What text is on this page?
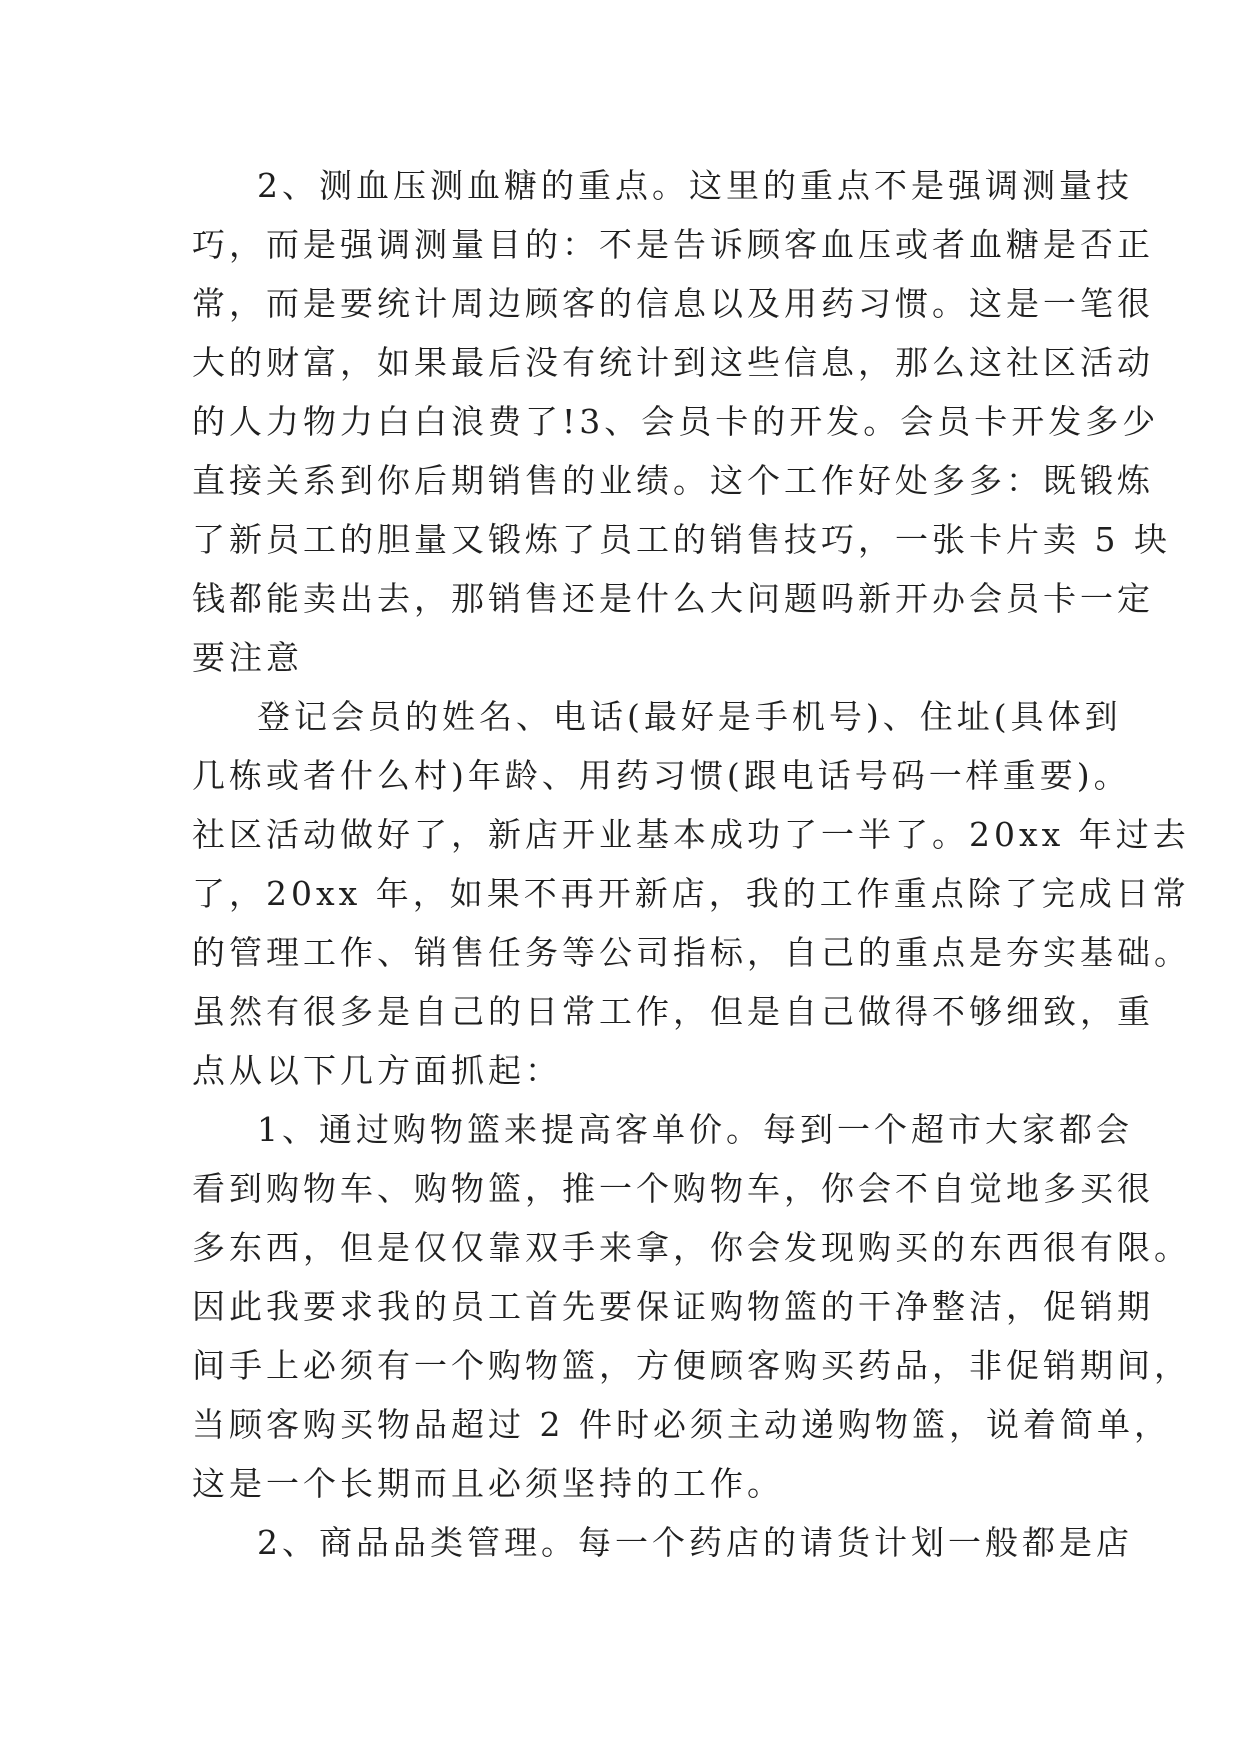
2、测血压测血糖的重点。这里的重点不是强调测量技

巧，而是强调测量目的：不是告诉顾客血压或者血糖是否正

常，而是要统计周边顾客的信息以及用药习惯。这是一笔很

大的财富，如果最后没有统计到这些信息，那么这社区活动

的人力物力白白浪费了!3、会员卡的开发。会员卡开发多少

直接关系到你后期销售的业绩。这个工作好处多多：既锻炼

了新员工的胆量又锻炼了员工的销售技巧，一张卡片卖 5 块

钱都能卖出去，那销售还是什么大问题吗新开办会员卡一定

要注意

登记会员的姓名、电话(最好是手机号)、住址(具体到

几栋或者什么村)年龄、用药习惯(跟电话号码一样重要)。

社区活动做好了，新店开业基本成功了一半了。20xx 年过去

了，20xx 年，如果不再开新店，我的工作重点除了完成日常

的管理工作、销售任务等公司指标，自己的重点是夯实基础。

虽然有很多是自己的日常工作，但是自己做得不够细致，重

点从以下几方面抓起：

1、通过购物篮来提高客单价。每到一个超市大家都会

看到购物车、购物篮，推一个购物车，你会不自觉地多买很

多东西，但是仅仅靠双手来拿，你会发现购买的东西很有限。

因此我要求我的员工首先要保证购物篮的干净整洁，促销期

间手上必须有一个购物篮，方便顾客购买药品，非促销期间，

当顾客购买物品超过 2 件时必须主动递购物篮，说着简单，

这是一个长期而且必须坚持的工作。

2、商品品类管理。每一个药店的请货计划一般都是店
